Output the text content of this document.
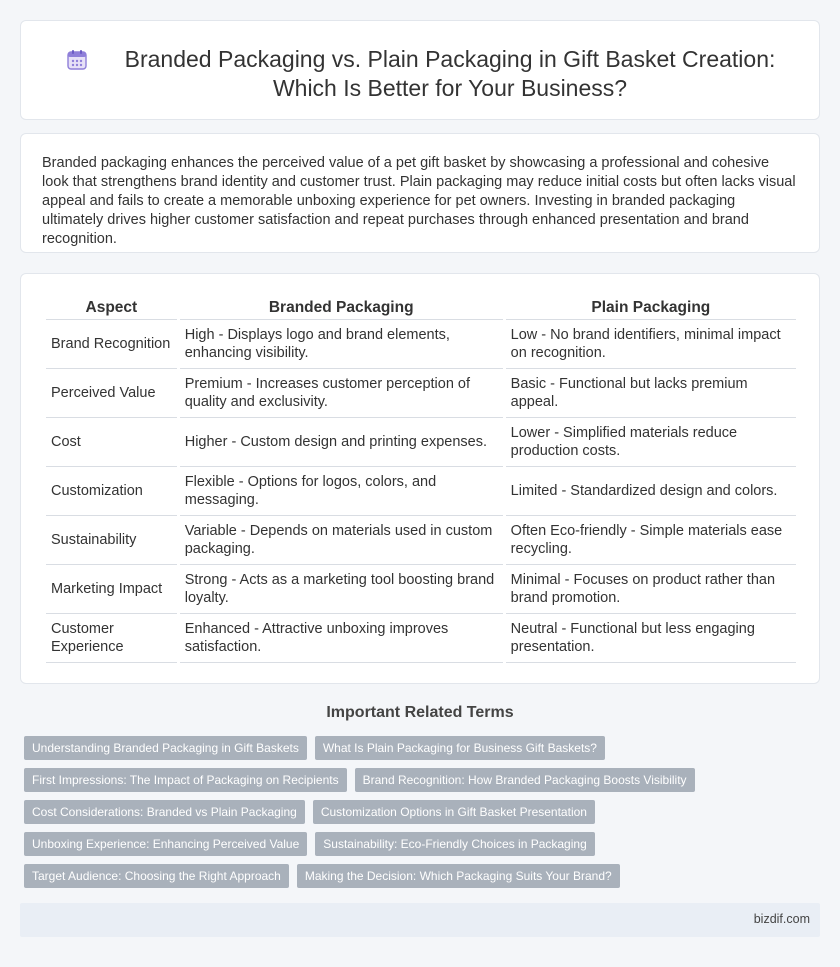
Branded Packaging vs. Plain Packaging in Gift Basket Creation: Which Is Better for Your Business?

Branded packaging enhances the perceived value of a pet gift basket by showcasing a professional and cohesive look that strengthens brand identity and customer trust. Plain packaging may reduce initial costs but often lacks visual appeal and fails to create a memorable unboxing experience for pet owners. Investing in branded packaging ultimately drives higher customer satisfaction and repeat purchases through enhanced presentation and brand recognition.

Aspect	Branded Packaging	Plain Packaging
Brand Recognition	High - Displays logo and brand elements, enhancing visibility.	Low - No brand identifiers, minimal impact on recognition.
Perceived Value	Premium - Increases customer perception of quality and exclusivity.	Basic - Functional but lacks premium appeal.
Cost	Higher - Custom design and printing expenses.	Lower - Simplified materials reduce production costs.
Customization	Flexible - Options for logos, colors, and messaging.	Limited - Standardized design and colors.
Sustainability	Variable - Depends on materials used in custom packaging.	Often Eco-friendly - Simple materials ease recycling.
Marketing Impact	Strong - Acts as a marketing tool boosting brand loyalty.	Minimal - Focuses on product rather than brand promotion.
Customer Experience	Enhanced - Attractive unboxing improves satisfaction.	Neutral - Functional but less engaging presentation.
Important Related Terms
Understanding Branded Packaging in Gift Baskets What Is Plain Packaging for Business Gift Baskets?
First Impressions: The Impact of Packaging on Recipients Brand Recognition: How Branded Packaging Boosts Visibility
Cost Considerations: Branded vs Plain Packaging Customization Options in Gift Basket Presentation
Unboxing Experience: Enhancing Perceived Value Sustainability: Eco-Friendly Choices in Packaging
Target Audience: Choosing the Right Approach Making the Decision: Which Packaging Suits Your Brand?
bizdif.com
